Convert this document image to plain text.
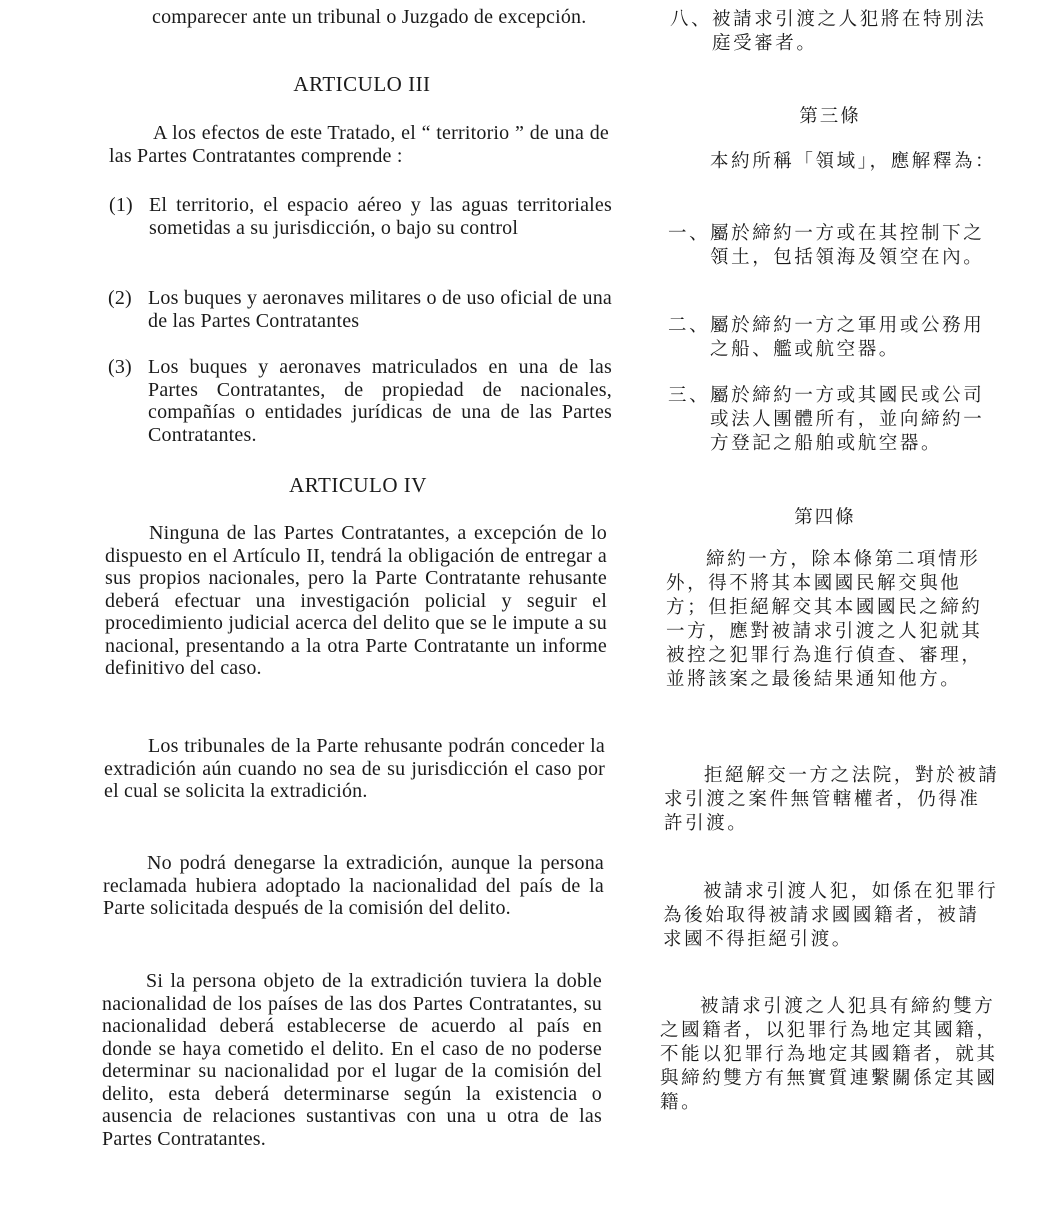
comparecer ante un tribunal o Juzgado de excepción.
ARTICULO III
A los efectos de este Tratado, el “ territorio ” de una de las Partes Contratantes comprende :
(1) El territorio, el espacio aéreo y las aguas territoriales sometidas a su jurisdicción, o bajo su control
(2) Los buques y aeronaves militares o de uso oficial de una de las Partes Contratantes
(3) Los buques y aeronaves matriculados en una de las Partes Contratantes, de propiedad de nacionales, compañías o entidades jurídicas de una de las Partes Contratantes.
ARTICULO IV
Ninguna de las Partes Contratantes, a excepción de lo dispuesto en el Artículo II, tendrá la obligación de entregar a sus propios nacionales, pero la Parte Contratante rehusante deberá efectuar una investigación policial y seguir el procedimiento judicial acerca del delito que se le impute a su nacional, presentando a la otra Parte Contratante un informe definitivo del caso.
Los tribunales de la Parte rehusante podrán conceder la extradición aún cuando no sea de su jurisdicción el caso por el cual se solicita la extradición.
No podrá denegarse la extradición, aunque la persona reclamada hubiera adoptado la nacionalidad del país de la Parte solicitada después de la comisión del delito.
Si la persona objeto de la extradición tuviera la doble nacionalidad de los países de las dos Partes Contratantes, su nacionalidad deberá establecerse de acuerdo al país en donde se haya cometido el delito. En el caso de no poderse determinar su nacionalidad por el lugar de la comisión del delito, esta deberá determinarse según la existencia o ausencia de relaciones sustantivas con una u otra de las Partes Contratantes.
八、 被請求引渡之人犯將在特別法庭受審者。
第三條
本約所稱「領域」，應解釋為：
一、 屬於締約一方或在其控制下之領土，包括領海及領空在內。
二、 屬於締約一方之軍用或公務用之船、艦或航空器。
三、 屬於締約一方或其國民或公司或法人團體所有，並向締約一方登記之船舶或航空器。
第四條
締約一方，除本條第二項情形外，得不將其本國國民解交與他方；但拒絕解交其本國國民之締約一方，應對被請求引渡之人犯就其被控之犯罪行為進行偵查、審理，並將該案之最後結果通知他方。
拒絕解交一方之法院，對於被請求引渡之案件無管轄權者，仍得准許引渡。
被請求引渡人犯，如係在犯罪行為後始取得被請求國國籍者，被請求國不得拒絕引渡。
被請求引渡之人犯具有締約雙方之國籍者，以犯罪行為地定其國籍，不能以犯罪行為地定其國籍者，就其與締約雙方有無實質連繫關係定其國籍。
